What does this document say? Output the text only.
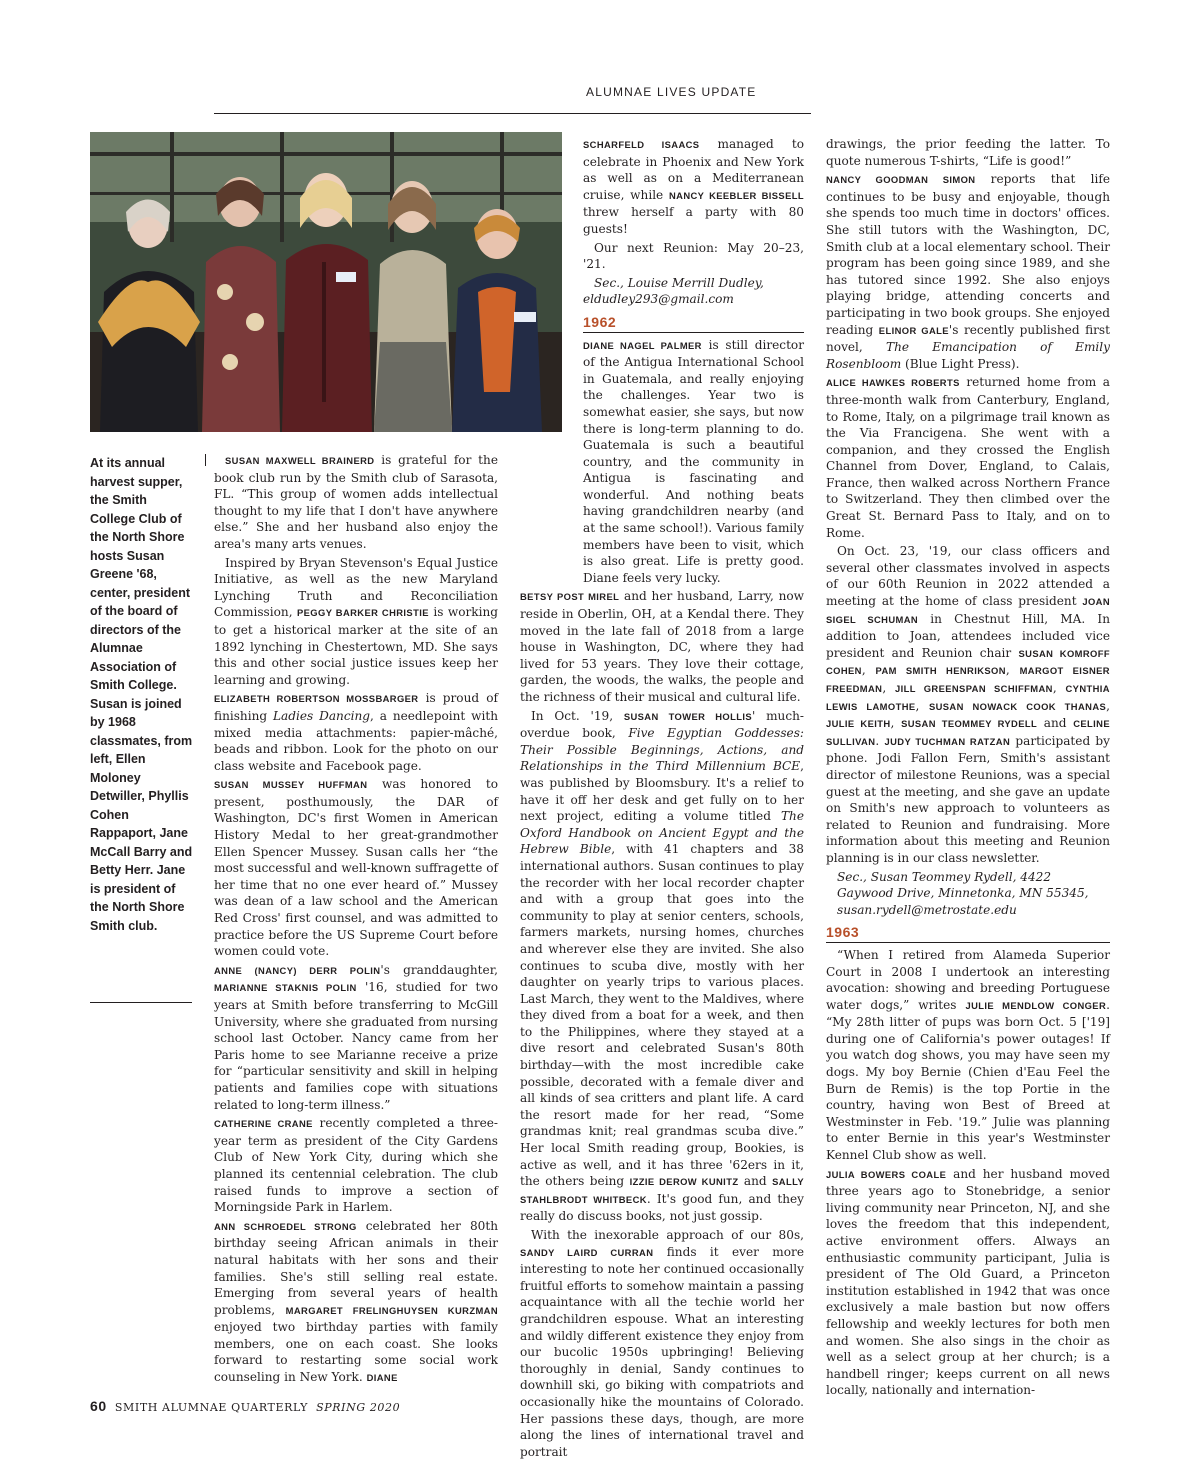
ALUMNAE LIVES UPDATE
At its annual harvest supper, the Smith College Club of the North Shore hosts Susan Greene '68, center, president of the board of directors of the Alumnae Association of Smith College. Susan is joined by 1968 classmates, from left, Ellen Moloney Detwiller, Phyllis Cohen Rappaport, Jane McCall Barry and Betty Herr. Jane is president of the North Shore Smith club.

SUSAN MAXWELL BRAINERD is grateful for the book club run by the Smith club of Sarasota, FL. “This group of women adds intellectual thought to my life that I don't have anywhere else.” She and her husband also enjoy the area's many arts venues.

Inspired by Bryan Stevenson's Equal Justice Initiative, as well as the new Maryland Lynching Truth and Reconciliation Commission, PEGGY BARKER CHRISTIE is working to get a historical marker at the site of an 1892 lynching in Chestertown, MD. She says this and other social justice issues keep her learning and growing.

ELIZABETH ROBERTSON MOSSBARGER is proud of finishing Ladies Dancing, a needlepoint with mixed media attachments: papier-mâché, beads and ribbon. Look for the photo on our class website and Facebook page.

SUSAN MUSSEY HUFFMAN was honored to present, posthumously, the DAR of Washington, DC's first Women in American History Medal to her great-grandmother Ellen Spencer Mussey. Susan calls her “the most successful and well-known suffragette of her time that no one ever heard of.” Mussey was dean of a law school and the American Red Cross' first counsel, and was admitted to practice before the US Supreme Court before women could vote.

ANNE (NANCY) DERR POLIN's granddaughter, MARIANNE STAKNIS POLIN '16, studied for two years at Smith before transferring to McGill University, where she graduated from nursing school last October. Nancy came from her Paris home to see Marianne receive a prize for “particular sensitivity and skill in helping patients and families cope with situations related to long-term illness.”

CATHERINE CRANE recently completed a three-year term as president of the City Gardens Club of New York City, during which she planned its centennial celebration. The club raised funds to improve a section of Morningside Park in Harlem.

ANN SCHROEDEL STRONG celebrated her 80th birthday seeing African animals in their natural habitats with her sons and their families. She's still selling real estate. Emerging from several years of health problems, MARGARET FRELINGHUYSEN KURZMAN enjoyed two birthday parties with family members, one on each coast. She looks forward to restarting some social work counseling in New York. DIANE

SCHARFELD ISAACS managed to celebrate in Phoenix and New York as well as on a Mediterranean cruise, while NANCY KEEBLER BISSELL threw herself a party with 80 guests!

Our next Reunion: May 20–23, '21.

Sec., Louise Merrill Dudley,

eldudley293@gmail.com

1962

DIANE NAGEL PALMER is still director of the Antigua International School in Guatemala, and really enjoying the challenges. Year two is somewhat easier, she says, but now there is long-term planning to do. Guatemala is such a beautiful country, and the community in Antigua is fascinating and wonderful. And nothing beats having grandchildren nearby (and at the same school!). Various family members have been to visit, which is also great. Life is pretty good. Diane feels very lucky.

BETSY POST MIREL and her husband, Larry, now reside in Oberlin, OH, at a Kendal there. They moved in the late fall of 2018 from a large house in Washington, DC, where they had lived for 53 years. They love their cottage, garden, the woods, the walks, the people and the richness of their musical and cultural life.

In Oct. '19, SUSAN TOWER HOLLIS' much-overdue book, Five Egyptian Goddesses: Their Possible Beginnings, Actions, and Relationships in the Third Millennium BCE, was published by Bloomsbury. It's a relief to have it off her desk and get fully on to her next project, editing a volume titled The Oxford Handbook on Ancient Egypt and the Hebrew Bible, with 41 chapters and 38 international authors. Susan continues to play the recorder with her local recorder chapter and with a group that goes into the community to play at senior centers, schools, farmers markets, nursing homes, churches and wherever else they are invited. She also continues to scuba dive, mostly with her daughter on yearly trips to various places. Last March, they went to the Maldives, where they dived from a boat for a week, and then to the Philippines, where they stayed at a dive resort and celebrated Susan's 80th birthday—with the most incredible cake possible, decorated with a female diver and all kinds of sea critters and plant life. A card the resort made for her read, “Some grandmas knit; real grandmas scuba dive.” Her local Smith reading group, Bookies, is active as well, and it has three '62ers in it, the others being IZZIE DEROW KUNITZ and SALLY STAHLBRODT WHITBECK. It's good fun, and they really do discuss books, not just gossip.

With the inexorable approach of our 80s, SANDY LAIRD CURRAN finds it ever more interesting to note her continued occasionally fruitful efforts to somehow maintain a passing acquaintance with all the techie world her grandchildren espouse. What an interesting and wildly different existence they enjoy from our bucolic 1950s upbringing! Believing thoroughly in denial, Sandy continues to downhill ski, go biking with compatriots and occasionally hike the mountains of Colorado. Her passions these days, though, are more along the lines of international travel and portrait

drawings, the prior feeding the latter. To quote numerous T-shirts, “Life is good!”

NANCY GOODMAN SIMON reports that life continues to be busy and enjoyable, though she spends too much time in doctors' offices. She still tutors with the Washington, DC, Smith club at a local elementary school. Their program has been going since 1989, and she has tutored since 1992. She also enjoys playing bridge, attending concerts and participating in two book groups. She enjoyed reading ELINOR GALE's recently published first novel, The Emancipation of Emily Rosenbloom (Blue Light Press).

ALICE HAWKES ROBERTS returned home from a three-month walk from Canterbury, England, to Rome, Italy, on a pilgrimage trail known as the Via Francigena. She went with a companion, and they crossed the English Channel from Dover, England, to Calais, France, then walked across Northern France to Switzerland. They then climbed over the Great St. Bernard Pass to Italy, and on to Rome.

On Oct. 23, '19, our class officers and several other classmates involved in aspects of our 60th Reunion in 2022 attended a meeting at the home of class president JOAN SIGEL SCHUMAN in Chestnut Hill, MA. In addition to Joan, attendees included vice president and Reunion chair SUSAN KOMROFF COHEN, PAM SMITH HENRIKSON, MARGOT EISNER FREEDMAN, JILL GREENSPAN SCHIFFMAN, CYNTHIA LEWIS LAMOTHE, SUSAN NOWACK COOK THANAS, JULIE KEITH, SUSAN TEOMMEY RYDELL and CELINE SULLIVAN. JUDY TUCHMAN RATZAN participated by phone. Jodi Fallon Fern, Smith's assistant director of milestone Reunions, was a special guest at the meeting, and she gave an update on Smith's new approach to volunteers as related to Reunion and fundraising. More information about this meeting and Reunion planning is in our class newsletter.

Sec., Susan Teommey Rydell, 4422

Gaywood Drive, Minnetonka, MN 55345,

susan.rydell@metrostate.edu

1963

“When I retired from Alameda Superior Court in 2008 I undertook an interesting avocation: showing and breeding Portuguese water dogs,” writes JULIE MENDLOW CONGER. “My 28th litter of pups was born Oct. 5 ['19] during one of California's power outages! If you watch dog shows, you may have seen my dogs. My boy Bernie (Chien d'Eau Feel the Burn de Remis) is the top Portie in the country, having won Best of Breed at Westminster in Feb. '19.” Julie was planning to enter Bernie in this year's Westminster Kennel Club show as well.

JULIA BOWERS COALE and her husband moved three years ago to Stonebridge, a senior living community near Princeton, NJ, and she loves the freedom that this independent, active environment offers. Always an enthusiastic community participant, Julia is president of The Old Guard, a Princeton institution established in 1942 that was once exclusively a male bastion but now offers fellowship and weekly lectures for both men and women. She also sings in the choir as well as a select group at her church; is a handbell ringer; keeps current on all news locally, nationally and internation-

60 SMITH ALUMNAE QUARTERLY SPRING 2020
